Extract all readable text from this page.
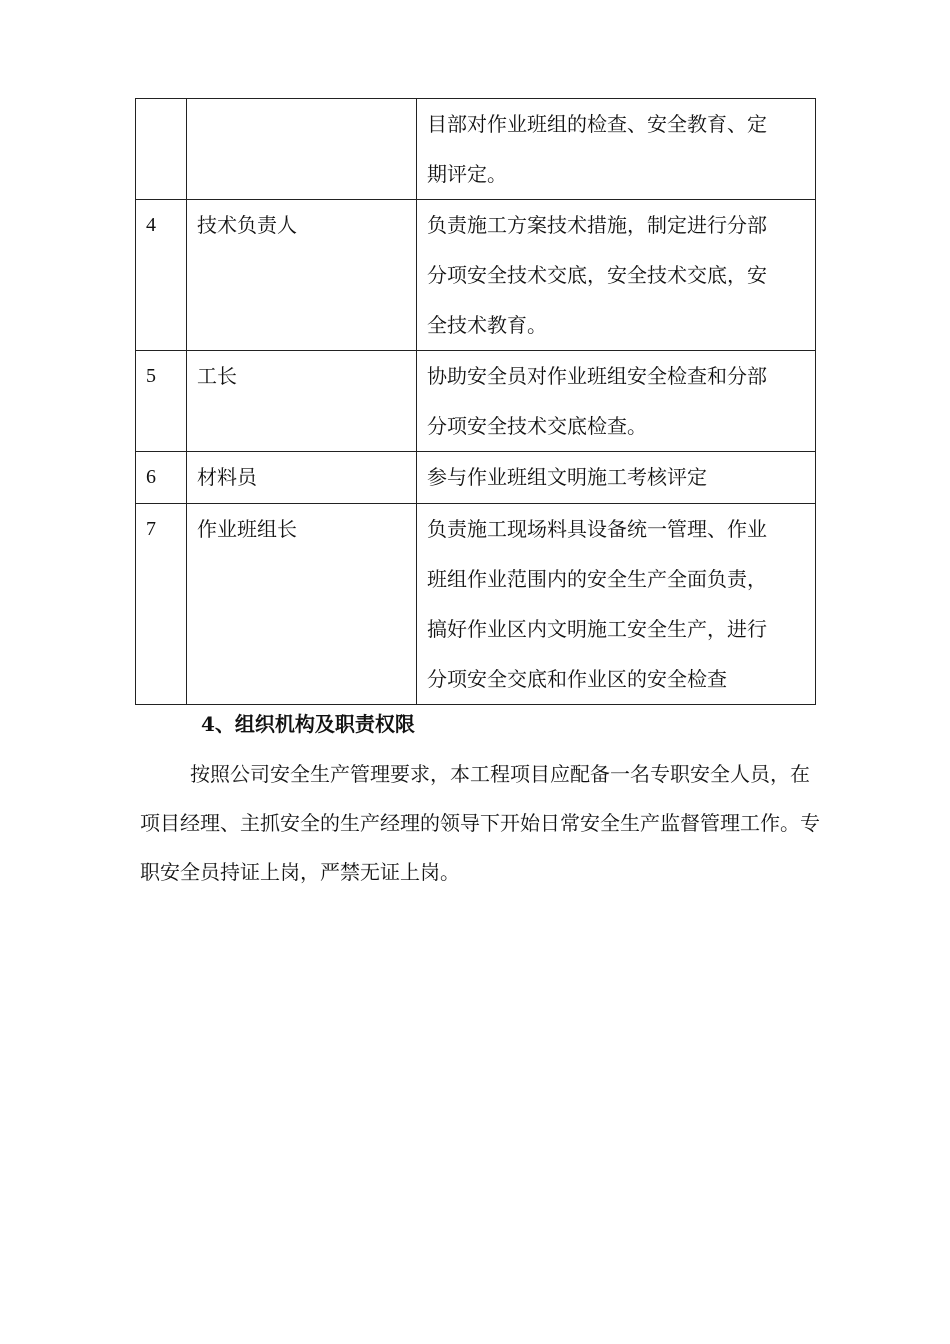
		目部对作业班组的检查、安全教育、定
期评定。

4	技术负责人	负责施工方案技术措施，制定进行分部
分项安全技术交底，安全技术交底，安
全技术教育。

5	工长	协助安全员对作业班组安全检查和分部
分项安全技术交底检查。

6	材料员	参与作业班组文明施工考核评定

7	作业班组长	负责施工现场料具设备统一管理、作业
班组作业范围内的安全生产全面负责，
搞好作业区内文明施工安全生产，进行
分项安全交底和作业区的安全检查
4、组织机构及职责权限

按照公司安全生产管理要求，本工程项目应配备一名专职安全人员，在项目经理、主抓安全的生产经理的领导下开始日常安全生产监督管理工作。专职安全员持证上岗，严禁无证上岗。
